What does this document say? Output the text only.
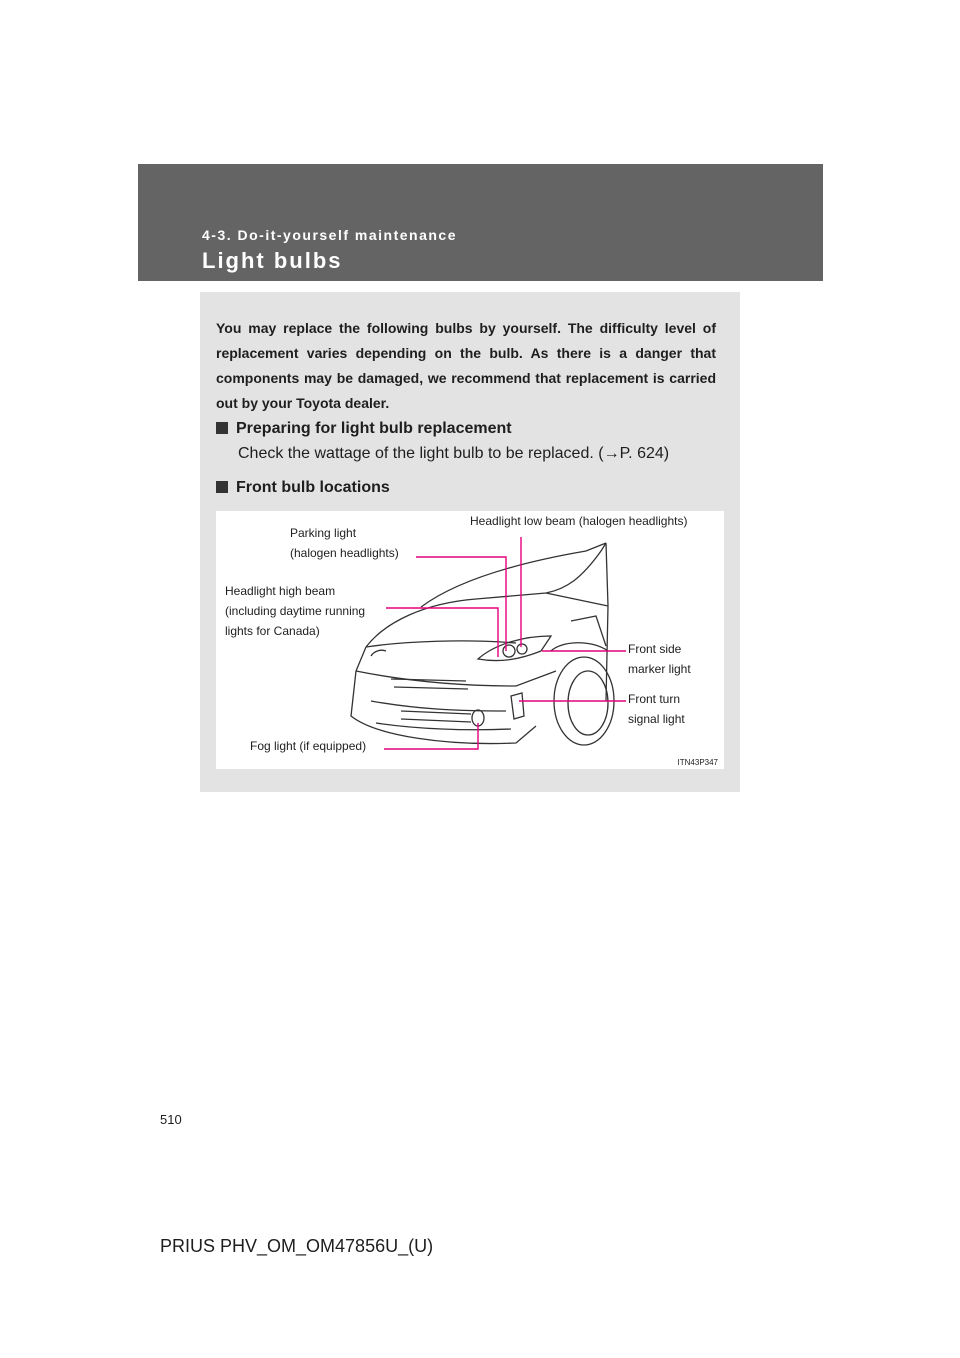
4-3. Do-it-yourself maintenance
Light bulbs
You may replace the following bulbs by yourself. The difficulty level of replacement varies depending on the bulb. As there is a danger that components may be damaged, we recommend that replacement is carried out by your Toyota dealer.
Preparing for light bulb replacement
Check the wattage of the light bulb to be replaced. (→P. 624)
Front bulb locations
Headlight low beam (halogen headlights)
Parking light
(halogen headlights)
Headlight high beam
(including daytime running
lights for Canada)
Front side
marker light
Front turn
signal light
Fog light (if equipped)
ITN43P347
510
PRIUS PHV_OM_OM47856U_(U)
